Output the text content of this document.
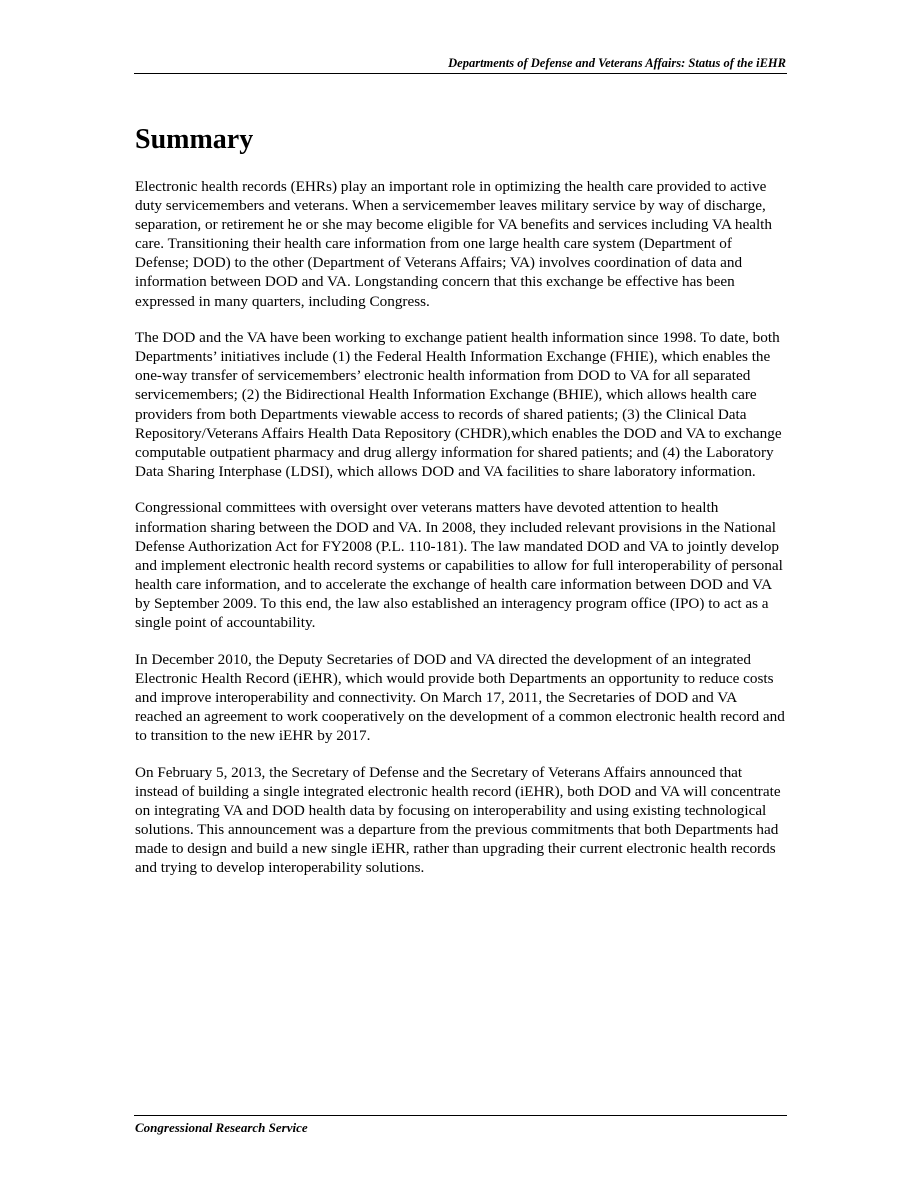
Departments of Defense and Veterans Affairs: Status of the iEHR
Summary

Electronic health records (EHRs) play an important role in optimizing the health care provided to active duty servicemembers and veterans. When a servicemember leaves military service by way of discharge, separation, or retirement he or she may become eligible for VA benefits and services including VA health care. Transitioning their health care information from one large health care system (Department of Defense; DOD) to the other (Department of Veterans Affairs; VA) involves coordination of data and information between DOD and VA. Longstanding concern that this exchange be effective has been expressed in many quarters, including Congress.

The DOD and the VA have been working to exchange patient health information since 1998. To date, both Departments’ initiatives include (1) the Federal Health Information Exchange (FHIE), which enables the one-way transfer of servicemembers’ electronic health information from DOD to VA for all separated servicemembers; (2) the Bidirectional Health Information Exchange (BHIE), which allows health care providers from both Departments viewable access to records of shared patients; (3) the Clinical Data Repository/Veterans Affairs Health Data Repository (CHDR),which enables the DOD and VA to exchange computable outpatient pharmacy and drug allergy information for shared patients; and (4) the Laboratory Data Sharing Interphase (LDSI), which allows DOD and VA facilities to share laboratory information.

Congressional committees with oversight over veterans matters have devoted attention to health information sharing between the DOD and VA. In 2008, they included relevant provisions in the National Defense Authorization Act for FY2008 (P.L. 110-181). The law mandated DOD and VA to jointly develop and implement electronic health record systems or capabilities to allow for full interoperability of personal health care information, and to accelerate the exchange of health care information between DOD and VA by September 2009. To this end, the law also established an interagency program office (IPO) to act as a single point of accountability.

In December 2010, the Deputy Secretaries of DOD and VA directed the development of an integrated Electronic Health Record (iEHR), which would provide both Departments an opportunity to reduce costs and improve interoperability and connectivity. On March 17, 2011, the Secretaries of DOD and VA reached an agreement to work cooperatively on the development of a common electronic health record and to transition to the new iEHR by 2017.

On February 5, 2013, the Secretary of Defense and the Secretary of Veterans Affairs announced that instead of building a single integrated electronic health record (iEHR), both DOD and VA will concentrate on integrating VA and DOD health data by focusing on interoperability and using existing technological solutions. This announcement was a departure from the previous commitments that both Departments had made to design and build a new single iEHR, rather than upgrading their current electronic health records and trying to develop interoperability solutions.

Congressional Research Service
